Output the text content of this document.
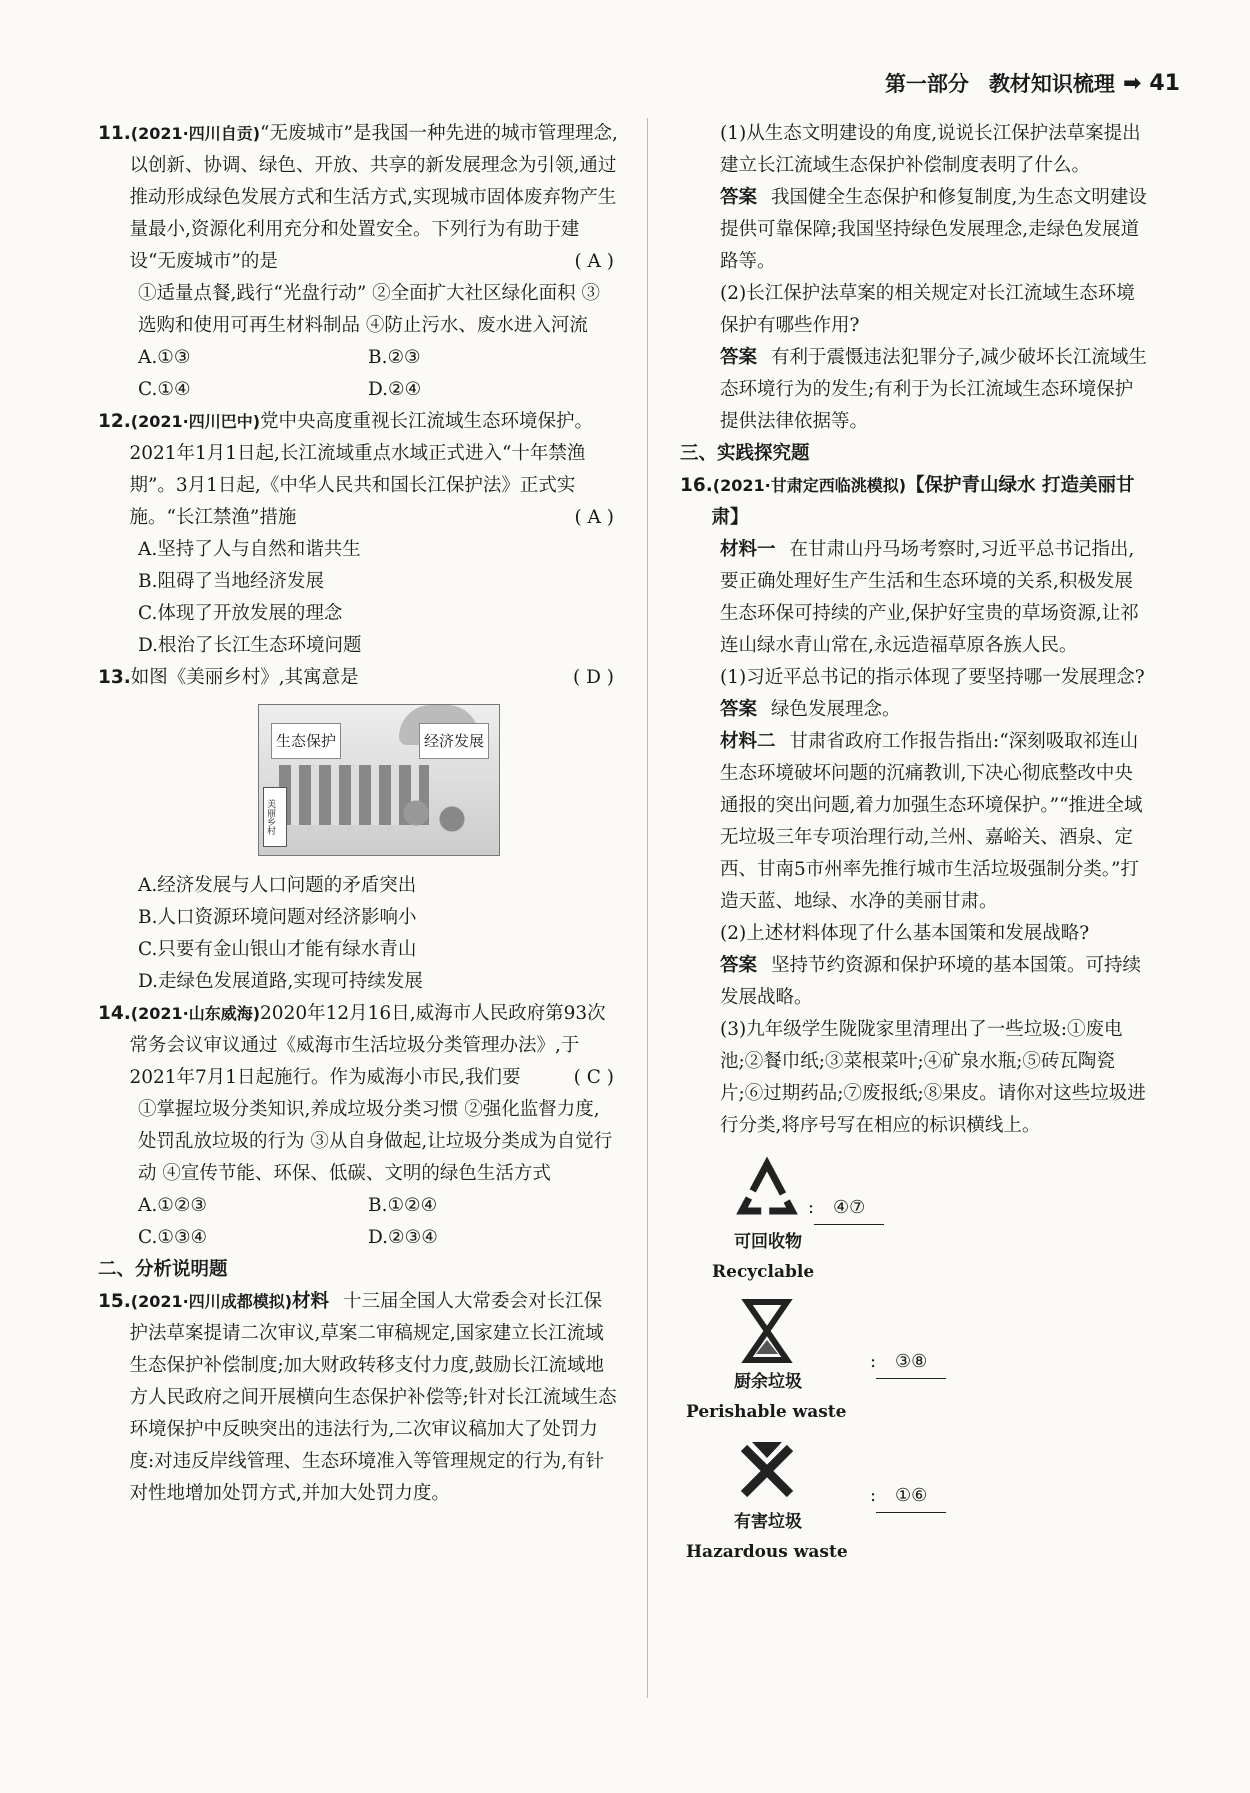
第一部分 教材知识梳理 ➡ 41

11.(2021·四川自贡)“无废城市”是我国一种先进的城市管理理念,以创新、协调、绿色、开放、共享的新发展理念为引领,通过推动形成绿色发展方式和生活方式,实现城市固体废弃物产生量最小,资源化利用充分和处置安全。下列行为有助于建设“无废城市”的是	( A )

①适量点餐,践行“光盘行动” ②全面扩大社区绿化面积 ③选购和使用可再生材料制品 ④防止污水、废水进入河流

A.①③	B.②③
C.①④	D.②④

12.(2021·四川巴中)党中央高度重视长江流域生态环境保护。2021年1月1日起,长江流域重点水域正式进入“十年禁渔期”。3月1日起,《中华人民共和国长江保护法》正式实施。“长江禁渔”措施	( A )

A.坚持了人与自然和谐共生

B.阻碍了当地经济发展

C.体现了开放发展的理念

D.根治了长江生态环境问题

13.如图《美丽乡村》,其寓意是	( D )

生态保护	经济发展
美丽乡村

A.经济发展与人口问题的矛盾突出

B.人口资源环境问题对经济影响小

C.只要有金山银山才能有绿水青山

D.走绿色发展道路,实现可持续发展

14.(2021·山东威海)2020年12月16日,威海市人民政府第93次常务会议审议通过《威海市生活垃圾分类管理办法》,于2021年7月1日起施行。作为威海小市民,我们要	( C )

①掌握垃圾分类知识,养成垃圾分类习惯 ②强化监督力度,处罚乱放垃圾的行为 ③从自身做起,让垃圾分类成为自觉行动 ④宣传节能、环保、低碳、文明的绿色生活方式

A.①②③	B.①②④
C.①③④	D.②③④

二、分析说明题

15.(2021·四川成都模拟)材料 十三届全国人大常委会对长江保护法草案提请二次审议,草案二审稿规定,国家建立长江流域生态保护补偿制度;加大财政转移支付力度,鼓励长江流域地方人民政府之间开展横向生态保护补偿等;针对长江流域生态环境保护中反映突出的违法行为,二次审议稿加大了处罚力度:对违反岸线管理、生态环境准入等管理规定的行为,有针对性地增加处罚方式,并加大处罚力度。

(1)从生态文明建设的角度,说说长江保护法草案提出建立长江流域生态保护补偿制度表明了什么。

答案 我国健全生态保护和修复制度,为生态文明建设提供可靠保障;我国坚持绿色发展理念,走绿色发展道路等。

(2)长江保护法草案的相关规定对长江流域生态环境保护有哪些作用?

答案 有利于震慑违法犯罪分子,减少破坏长江流域生态环境行为的发生;有利于为长江流域生态环境保护提供法律依据等。

三、实践探究题

16.(2021·甘肃定西临洮模拟)【保护青山绿水 打造美丽甘肃】

材料一 在甘肃山丹马场考察时,习近平总书记指出,要正确处理好生产生活和生态环境的关系,积极发展生态环保可持续的产业,保护好宝贵的草场资源,让祁连山绿水青山常在,永远造福草原各族人民。

(1)习近平总书记的指示体现了要坚持哪一发展理念?

答案 绿色发展理念。

材料二 甘肃省政府工作报告指出:“深刻吸取祁连山生态环境破坏问题的沉痛教训,下决心彻底整改中央通报的突出问题,着力加强生态环境保护。”“推进全域无垃圾三年专项治理行动,兰州、嘉峪关、酒泉、定西、甘南5市州率先推行城市生活垃圾强制分类。”打造天蓝、地绿、水净的美丽甘肃。

(2)上述材料体现了什么基本国策和发展战略?

答案 坚持节约资源和保护环境的基本国策。可持续发展战略。

(3)九年级学生陇陇家里清理出了一些垃圾:①废电池;②餐巾纸;③菜根菜叶;④矿泉水瓶;⑤砖瓦陶瓷片;⑥过期药品;⑦废报纸;⑧果皮。请你对这些垃圾进行分类,将序号写在相应的标识横线上。

: ④⑦
可回收物
Recyclable
: ③⑧
厨余垃圾
Perishable waste
: ①⑥
有害垃圾
Hazardous waste
